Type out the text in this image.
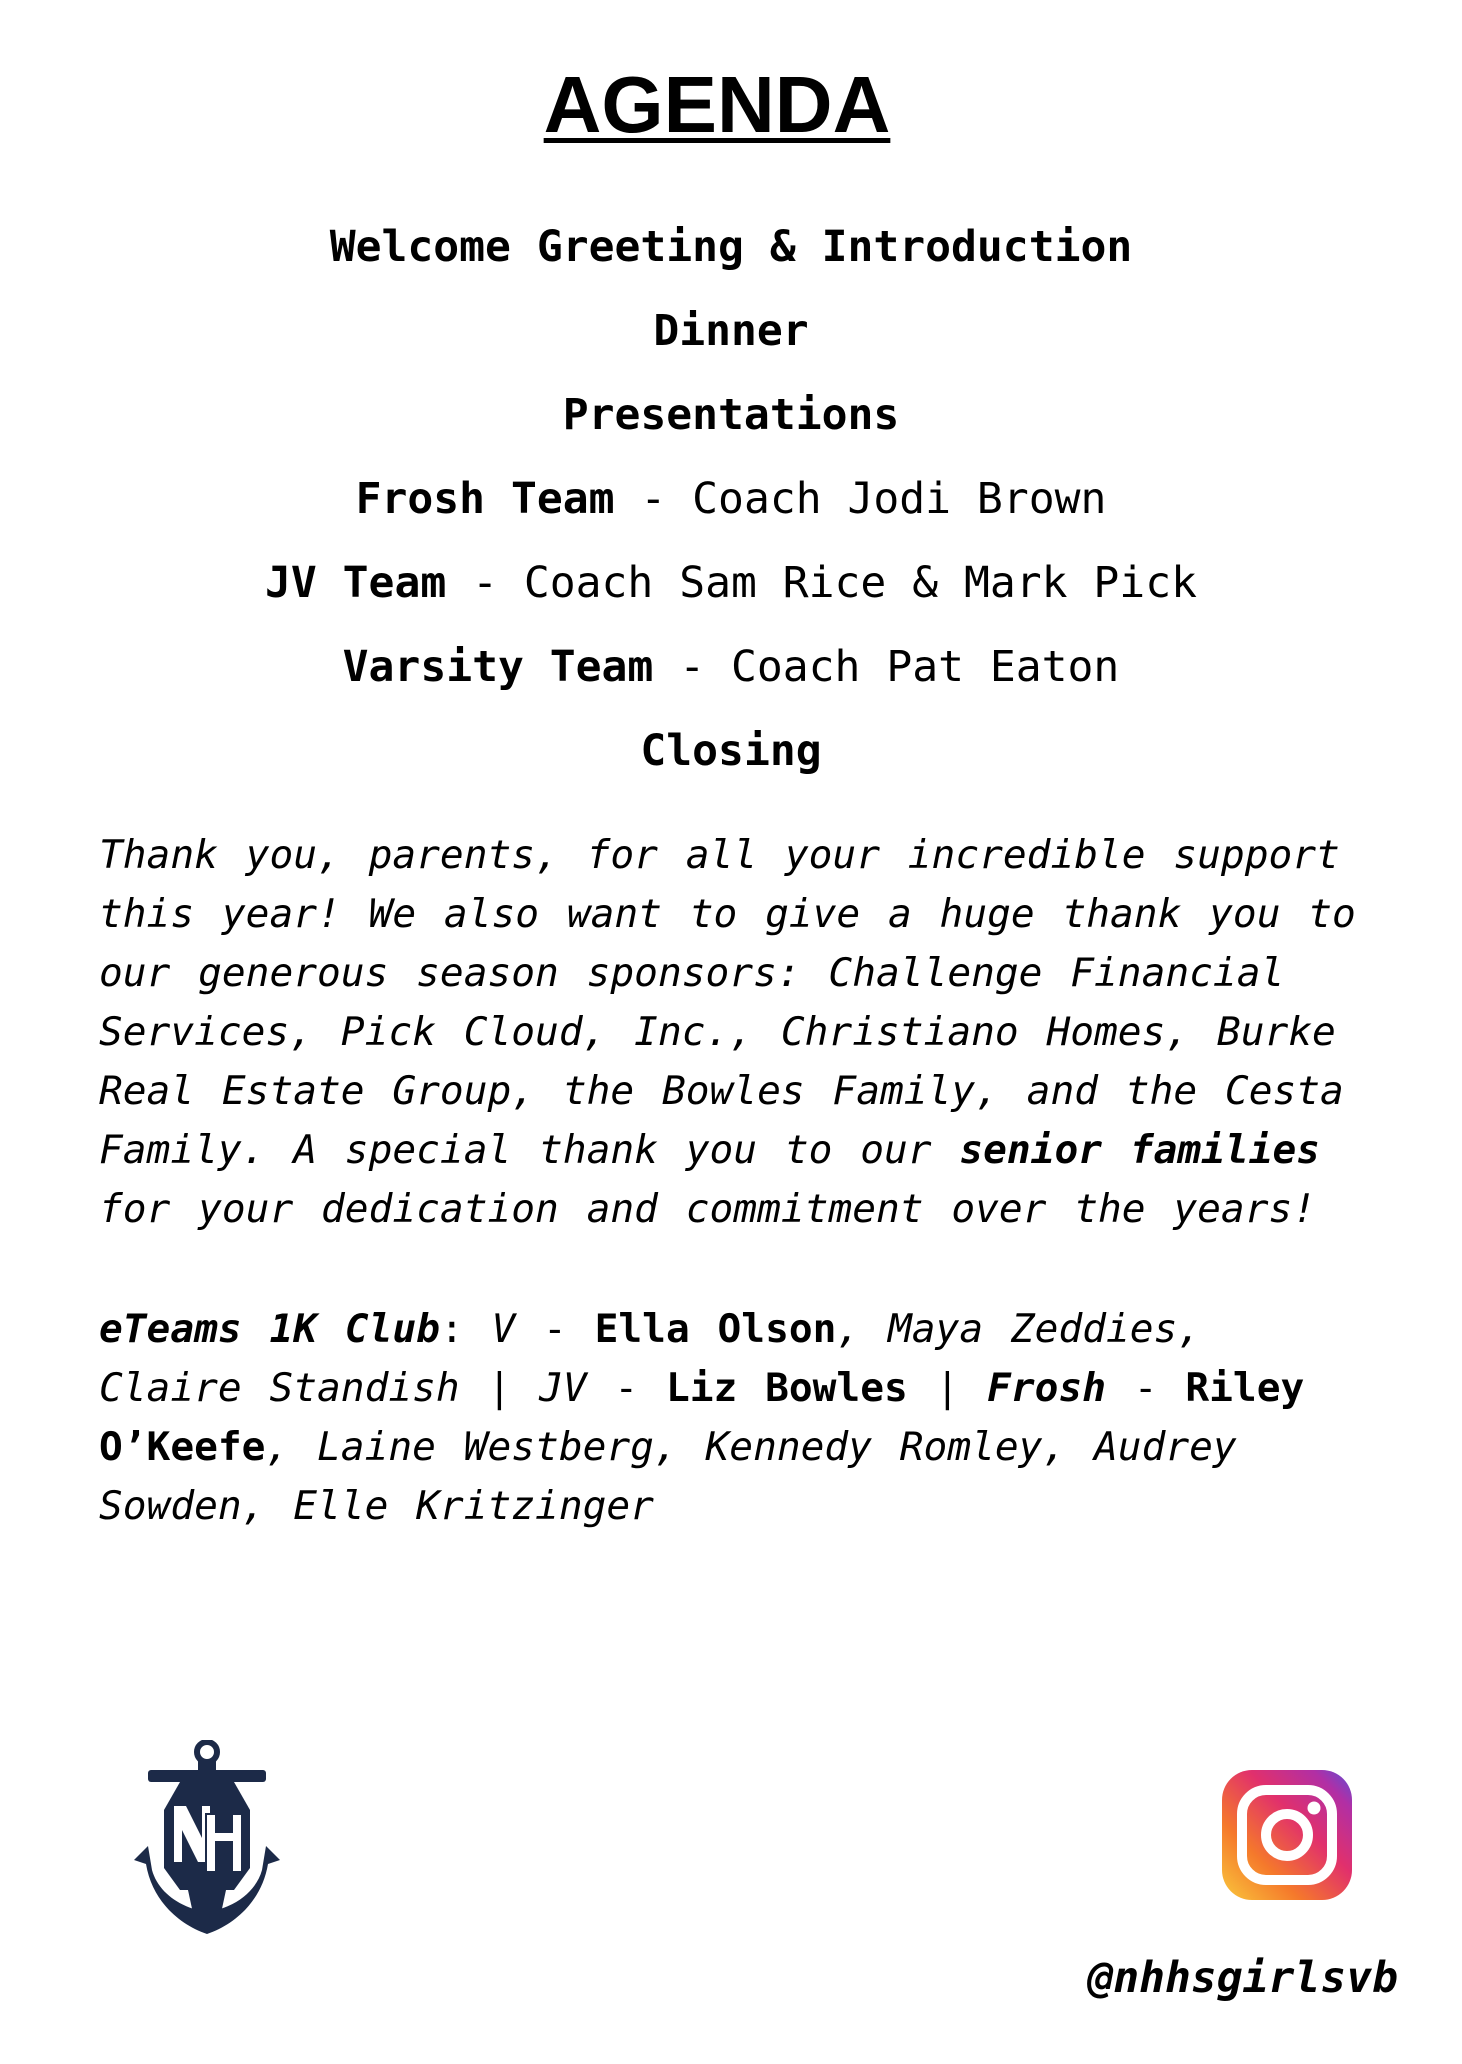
AGENDA
Welcome Greeting & Introduction
Dinner
Presentations
Frosh Team - Coach Jodi Brown
JV Team - Coach Sam Rice & Mark Pick
Varsity Team - Coach Pat Eaton
Closing

Thank you, parents, for all your incredible support
this year! We also want to give a huge thank you to
our generous season sponsors: Challenge Financial
Services, Pick Cloud, Inc., Christiano Homes, Burke
Real Estate Group, the Bowles Family, and the Cesta
Family. A special thank you to our senior families
for your dedication and commitment over the years!

eTeams 1K Club: V - Ella Olson, Maya Zeddies,
Claire Standish | JV - Liz Bowles | Frosh - Riley
O’Keefe, Laine Westberg, Kennedy Romley, Audrey
Sowden, Elle Kritzinger

@nhhsgirlsvb
